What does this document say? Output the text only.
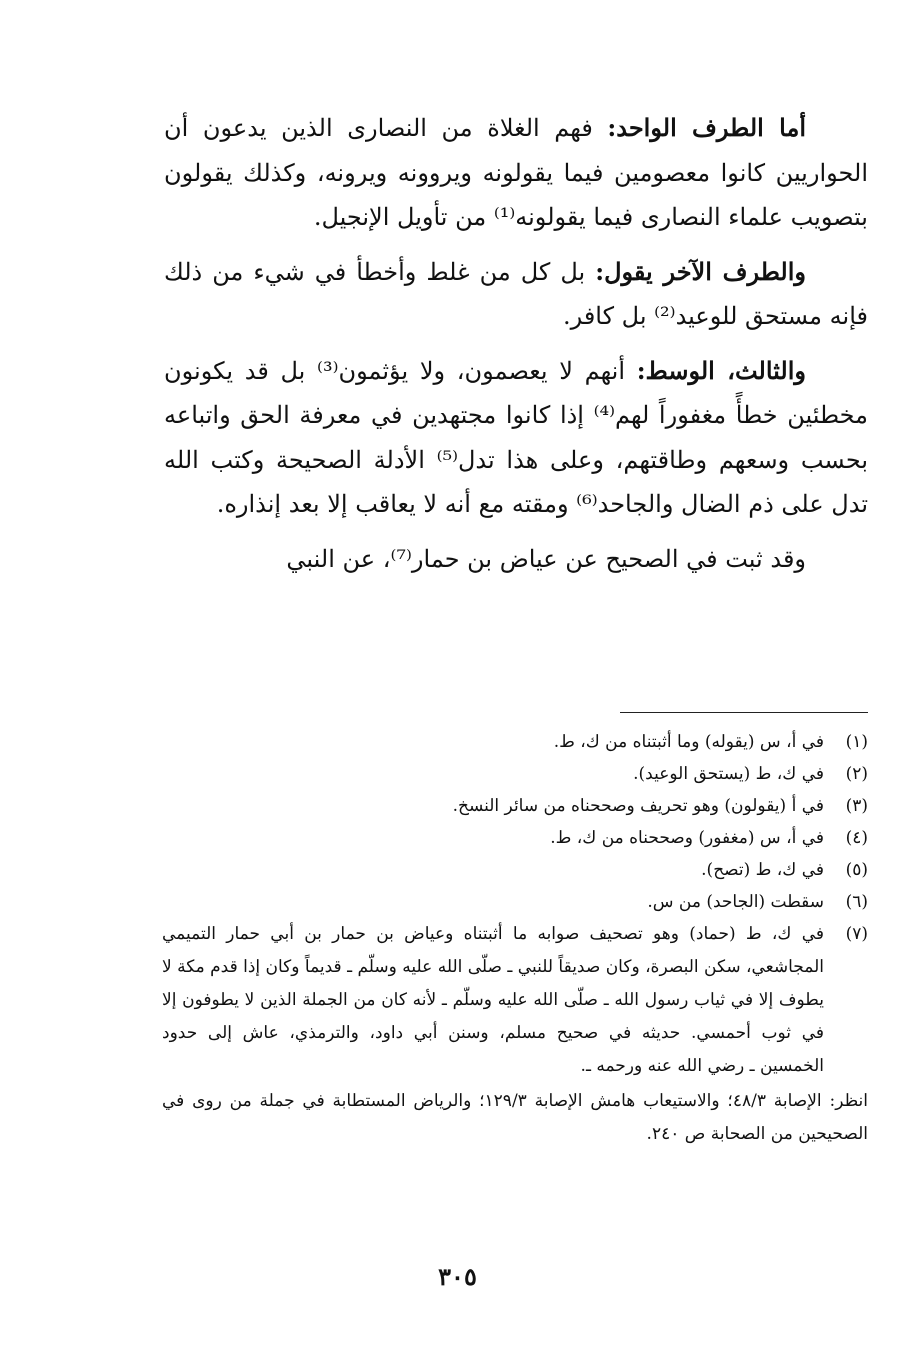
أما الطرف الواحد: فهم الغلاة من النصارى الذين يدعون أن الحواريين كانوا معصومين فيما يقولونه ويروونه ويرونه، وكذلك يقولون بتصويب علماء النصارى فيما يقولونه⁽¹⁾ من تأويل الإنجيل.

والطرف الآخر يقول: بل كل من غلط وأخطأ في شيء من ذلك فإنه مستحق للوعيد⁽²⁾ بل كافر.

والثالث، الوسط: أنهم لا يعصمون، ولا يؤثمون⁽³⁾ بل قد يكونون مخطئين خطأً مغفوراً لهم⁽⁴⁾ إذا كانوا مجتهدين في معرفة الحق واتباعه بحسب وسعهم وطاقتهم، وعلى هذا تدل⁽⁵⁾ الأدلة الصحيحة وكتب الله تدل على ذم الضال والجاحد⁽⁶⁾ ومقته مع أنه لا يعاقب إلا بعد إنذاره.

وقد ثبت في الصحيح عن عياض بن حمار⁽⁷⁾، عن النبي

(١)
في أ، س (يقوله) وما أثبتناه من ك، ط.
(٢)
في ك، ط (يستحق الوعيد).
(٣)
في أ (يقولون) وهو تحريف وصححناه من سائر النسخ.
(٤)
في أ، س (مغفور) وصححناه من ك، ط.
(٥)
في ك، ط (تصح).
(٦)
سقطت (الجاحد) من س.
(٧)
في ك، ط (حماد) وهو تصحيف صوابه ما أثبتناه وعياض بن حمار بن أبي حمار التميمي المجاشعي، سكن البصرة، وكان صديقاً للنبي ـ صلّى الله عليه وسلّم ـ قديماً وكان إذا قدم مكة لا يطوف إلا في ثياب رسول الله ـ صلّى الله عليه وسلّم ـ لأنه كان من الجملة الذين لا يطوفون إلا في ثوب أحمسي. حديثه في صحيح مسلم، وسنن أبي داود، والترمذي، عاش إلى حدود الخمسين ـ رضي الله عنه ورحمه ـ.

انظر: الإصابة ٤٨/٣؛ والاستيعاب هامش الإصابة ١٢٩/٣؛ والرياض المستطابة في جملة من روى في الصحيحين من الصحابة ص ٢٤٠.

٣٠٥
